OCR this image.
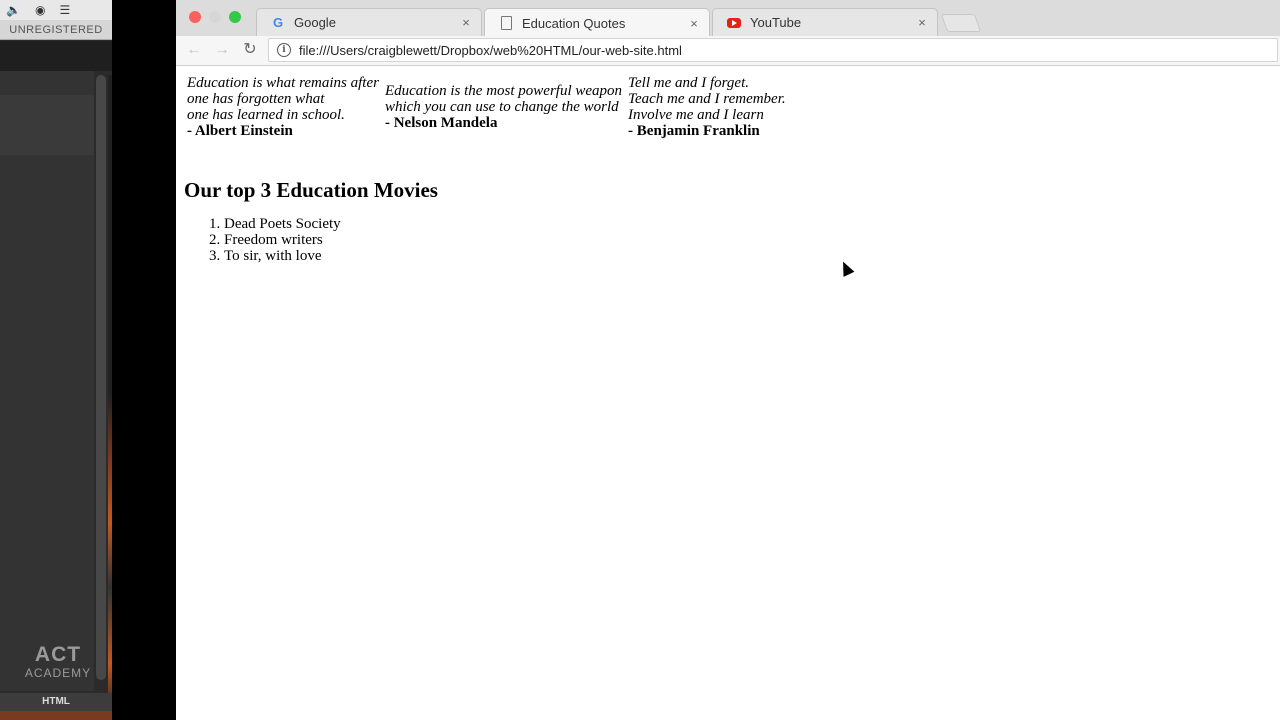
🔈 ◉ ☰
UNREGISTERED
ACT
ACADEMY
HTML
G Google	×	Education Quotes	×	YouTube	×
← → ↻	i	file:///Users/craigblewett/Dropbox/web%20HTML/our-web-site.html
Education is what remains after
one has forgotten what
one has learned in school.
- Albert Einstein

Education is the most powerful weapon
which you can use to change the world
- Nelson Mandela

Tell me and I forget.
Teach me and I remember.
Involve me and I learn
- Benjamin Franklin
Our top 3 Education Movies
1. Dead Poets Society
2. Freedom writers
3. To sir, with love
